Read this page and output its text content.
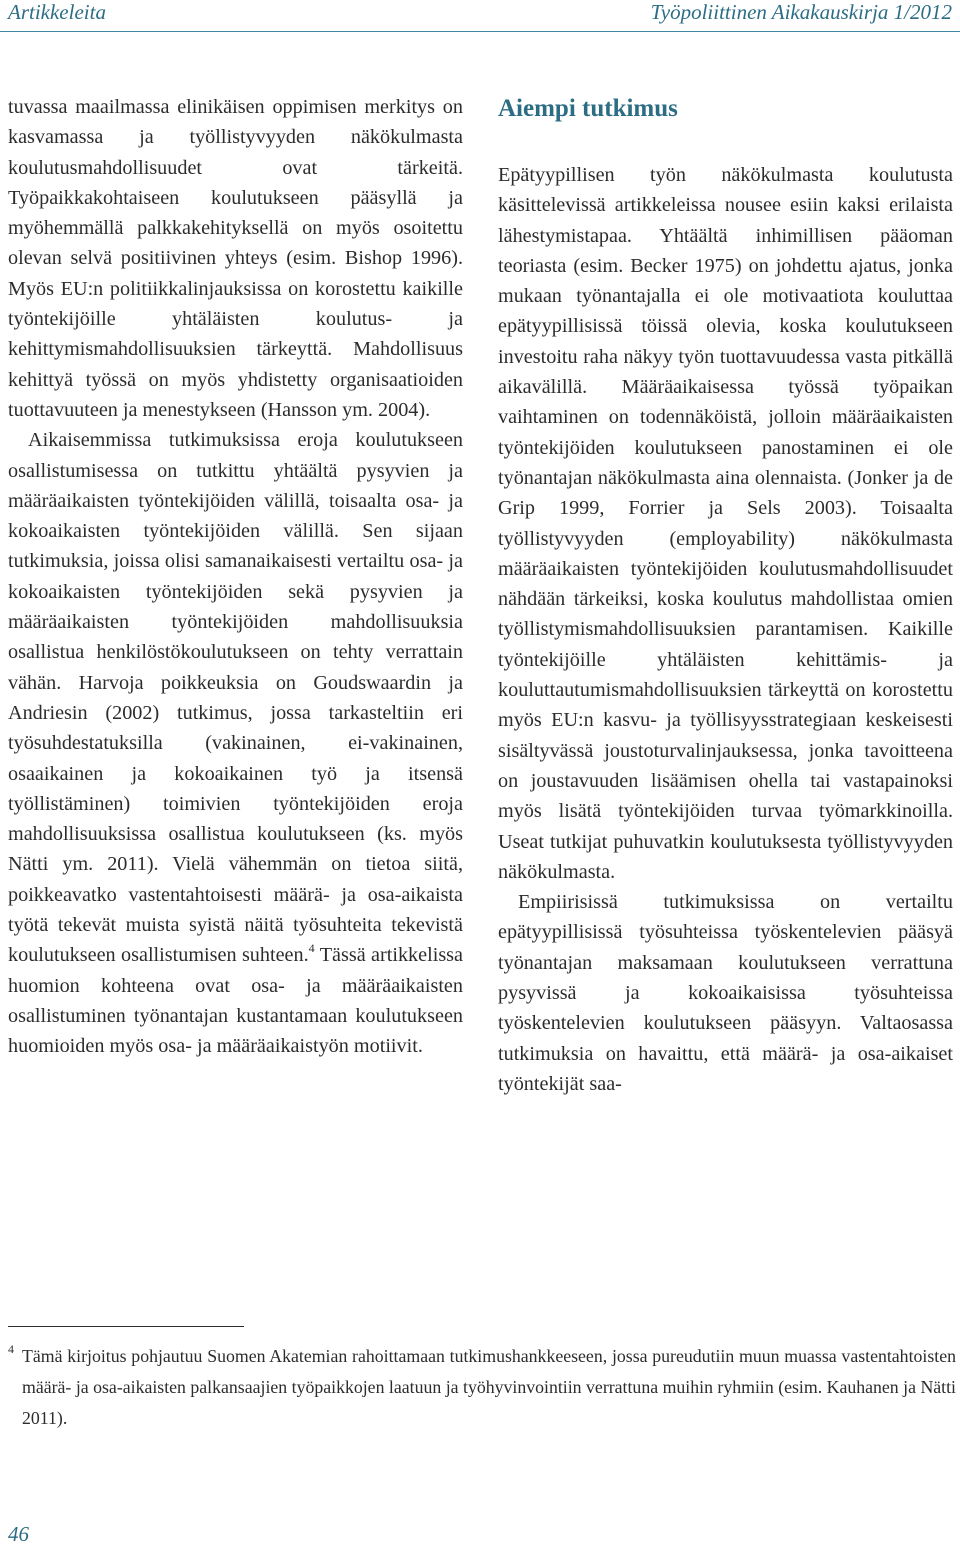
Artikkeleita	Työpoliittinen Aikakauskirja 1/2012

tuvassa maailmassa elinikäisen oppimisen merkitys on kasvamassa ja työllistyvyyden näkökulmasta koulutusmahdollisuudet ovat tärkeitä. Työpaikkakohtaiseen koulutukseen pääsyllä ja myöhemmällä palkkakehityksellä on myös osoitettu olevan selvä positiivinen yhteys (esim. Bishop 1996). Myös EU:n politiikkalinjauksissa on korostettu kaikille työntekijöille yhtäläisten koulutus- ja kehittymismahdollisuuksien tärkeyttä. Mahdollisuus kehittyä työssä on myös yhdistetty organisaatioiden tuottavuuteen ja menestykseen (Hansson ym. 2004).

Aikaisemmissa tutkimuksissa eroja koulutukseen osallistumisessa on tutkittu yhtäältä pysyvien ja määräaikaisten työntekijöiden välillä, toisaalta osa- ja kokoaikaisten työntekijöiden välillä. Sen sijaan tutkimuksia, joissa olisi samanaikaisesti vertailtu osa- ja kokoaikaisten työntekijöiden sekä pysyvien ja määräaikaisten työntekijöiden mahdollisuuksia osallistua henkilöstökoulutukseen on tehty verrattain vähän. Harvoja poikkeuksia on Goudswaardin ja Andriesin (2002) tutkimus, jossa tarkasteltiin eri työsuhdestatuksilla (vakinainen, ei-vakinainen, osaaikainen ja kokoaikainen työ ja itsensä työllistäminen) toimivien työntekijöiden eroja mahdollisuuksissa osallistua koulutukseen (ks. myös Nätti ym. 2011). Vielä vähemmän on tietoa siitä, poikkeavatko vastentahtoisesti määrä- ja osa-aikaista työtä tekevät muista syistä näitä työsuhteita tekevistä koulutukseen osallistumisen suhteen.$^4$ Tässä artikkelissa huomion kohteena ovat osa- ja määräaikaisten osallistuminen työnantajan kustantamaan koulutukseen huomioiden myös osa- ja määräaikaistyön motiivit.

Aiempi tutkimus

Epätyypillisen työn näkökulmasta koulutusta käsittelevissä artikkeleissa nousee esiin kaksi erilaista lähestymistapaa. Yhtäältä inhimillisen pääoman teoriasta (esim. Becker 1975) on johdettu ajatus, jonka mukaan työnantajalla ei ole motivaatiota kouluttaa epätyypillisissä töissä olevia, koska koulutukseen investoitu raha näkyy työn tuottavuudessa vasta pitkällä aikavälillä. Määräaikaisessa työssä työpaikan vaihtaminen on todennäköistä, jolloin määräaikaisten työntekijöiden koulutukseen panostaminen ei ole työnantajan näkökulmasta aina olennaista. (Jonker ja de Grip 1999, Forrier ja Sels 2003). Toisaalta työllistyvyyden (employability) näkökulmasta määräaikaisten työntekijöiden koulutusmahdollisuudet nähdään tärkeiksi, koska koulutus mahdollistaa omien työllistymismahdollisuuksien parantamisen. Kaikille työntekijöille yhtäläisten kehittämis- ja kouluttautumismahdollisuuksien tärkeyttä on korostettu myös EU:n kasvu- ja työllisyysstrategiaan keskeisesti sisältyvässä joustoturvalinjauksessa, jonka tavoitteena on joustavuuden lisäämisen ohella tai vastapainoksi myös lisätä työntekijöiden turvaa työmarkkinoilla. Useat tutkijat puhuvatkin koulutuksesta työllistyvyyden näkökulmasta.

Empiirisissä tutkimuksissa on vertailtu epätyypillisissä työsuhteissa työskentelevien pääsyä työnantajan maksamaan koulutukseen verrattuna pysyvissä ja kokoaikaisissa työsuhteissa työskentelevien koulutukseen pääsyyn. Valtaosassa tutkimuksia on havaittu, että määrä- ja osa-aikaiset työntekijät saa-

4 Tämä kirjoitus pohjautuu Suomen Akatemian rahoittamaan tutkimushankkeeseen, jossa pureudutiin muun muassa vastentahtoisten määrä- ja osa-aikaisten palkansaajien työpaikkojen laatuun ja työhyvinvointiin verrattuna muihin ryhmiin (esim. Kauhanen ja Nätti 2011).
46
